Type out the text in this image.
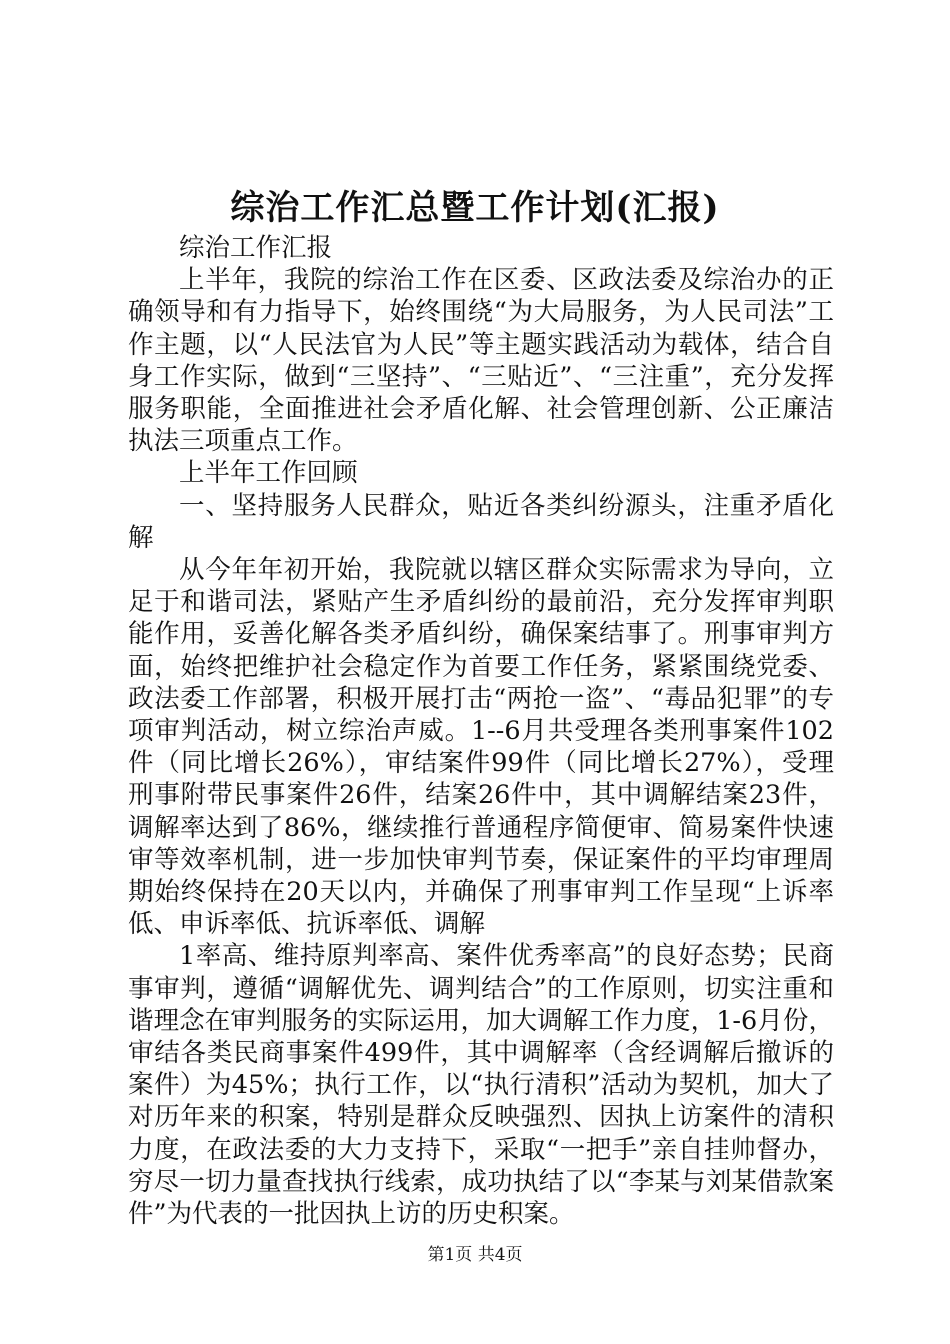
综治工作汇总暨工作计划(汇报)

综治工作汇报

上半年，我院的综治工作在区委、区政法委及综治办的正确领导和有力指导下，始终围绕“为大局服务，为人民司法”工作主题，以“人民法官为人民”等主题实践活动为载体，结合自身工作实际，做到“三坚持”、“三贴近”、“三注重”，充分发挥服务职能，全面推进社会矛盾化解、社会管理创新、公正廉洁执法三项重点工作。

上半年工作回顾

一、坚持服务人民群众，贴近各类纠纷源头，注重矛盾化解

从今年年初开始，我院就以辖区群众实际需求为导向，立足于和谐司法，紧贴产生矛盾纠纷的最前沿，充分发挥审判职能作用，妥善化解各类矛盾纠纷，确保案结事了。刑事审判方面，始终把维护社会稳定作为首要工作任务，紧紧围绕党委、政法委工作部署，积极开展打击“两抢一盗”、“毒品犯罪”的专项审判活动，树立综治声威。1--6月共受理各类刑事案件102件（同比增长26%），审结案件99件（同比增长27%），受理刑事附带民事案件26件，结案26件中，其中调解结案23件，调解率达到了86%，继续推行普通程序简便审、简易案件快速审等效率机制，进一步加快审判节奏，保证案件的平均审理周期始终保持在20天以内，并确保了刑事审判工作呈现“上诉率低、申诉率低、抗诉率低、调解

1率高、维持原判率高、案件优秀率高”的良好态势；民商事审判，遵循“调解优先、调判结合”的工作原则，切实注重和谐理念在审判服务的实际运用，加大调解工作力度，1-6月份，审结各类民商事案件499件，其中调解率（含经调解后撤诉的案件）为45%；执行工作，以“执行清积”活动为契机，加大了对历年来的积案，特别是群众反映强烈、因执上访案件的清积力度，在政法委的大力支持下，采取“一把手”亲自挂帅督办，穷尽一切力量查找执行线索，成功执结了以“李某与刘某借款案件”为代表的一批因执上访的历史积案。

第1页 共4页
